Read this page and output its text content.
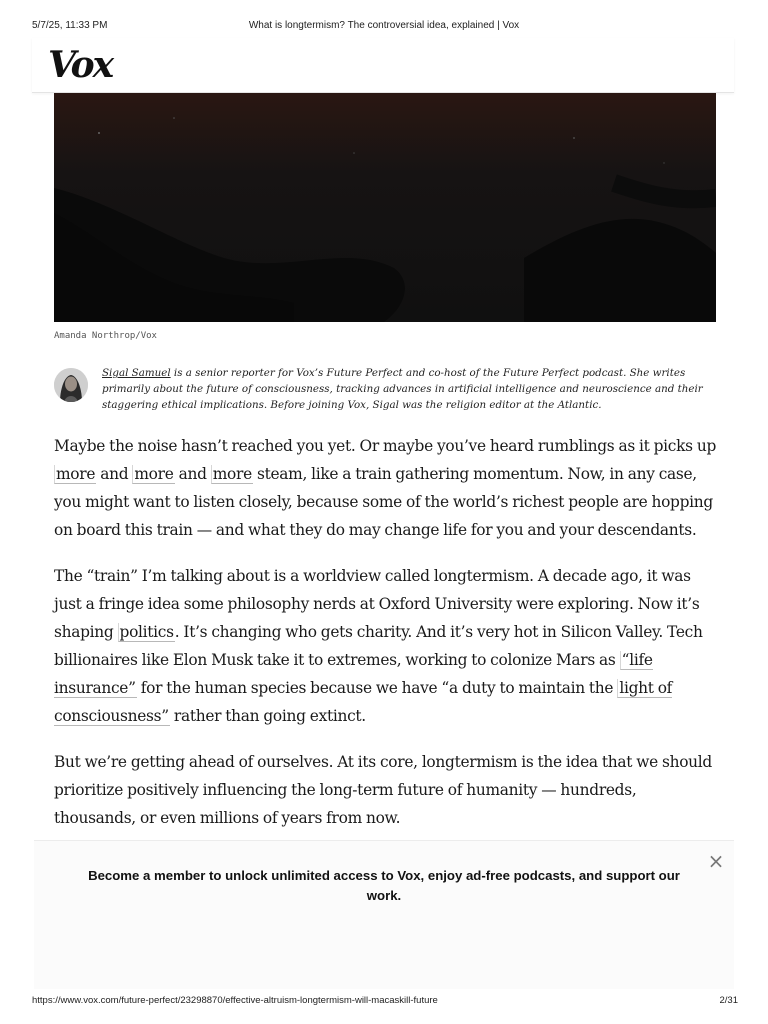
5/7/25, 11:33 PM	What is longtermism? The controversial idea, explained | Vox
Vox
Amanda Northrop/Vox
Sigal Samuel is a senior reporter for Vox’s Future Perfect and co-host of the Future Perfect podcast. She writes primarily about the future of consciousness, tracking advances in artificial intelligence and neuroscience and their staggering ethical implications. Before joining Vox, Sigal was the religion editor at the Atlantic.

Maybe the noise hasn’t reached you yet. Or maybe you’ve heard rumblings as it picks up more and more and more steam, like a train gathering momentum. Now, in any case, you might want to listen closely, because some of the world’s richest people are hopping on board this train — and what they do may change life for you and your descendants.

The “train” I’m talking about is a worldview called longtermism. A decade ago, it was just a fringe idea some philosophy nerds at Oxford University were exploring. Now it’s shaping politics. It’s changing who gets charity. And it’s very hot in Silicon Valley. Tech billionaires like Elon Musk take it to extremes, working to colonize Mars as “life insurance” for the human species because we have “a duty to maintain the light of consciousness” rather than going extinct.

But we’re getting ahead of ourselves. At its core, longtermism is the idea that we should prioritize positively influencing the long-term future of humanity — hundreds, thousands, or even millions of years from now.

Become a member to unlock unlimited access to Vox, enjoy ad-free podcasts, and support our work.
×
https://www.vox.com/future-perfect/23298870/effective-altruism-longtermism-will-macaskill-future	2/31
